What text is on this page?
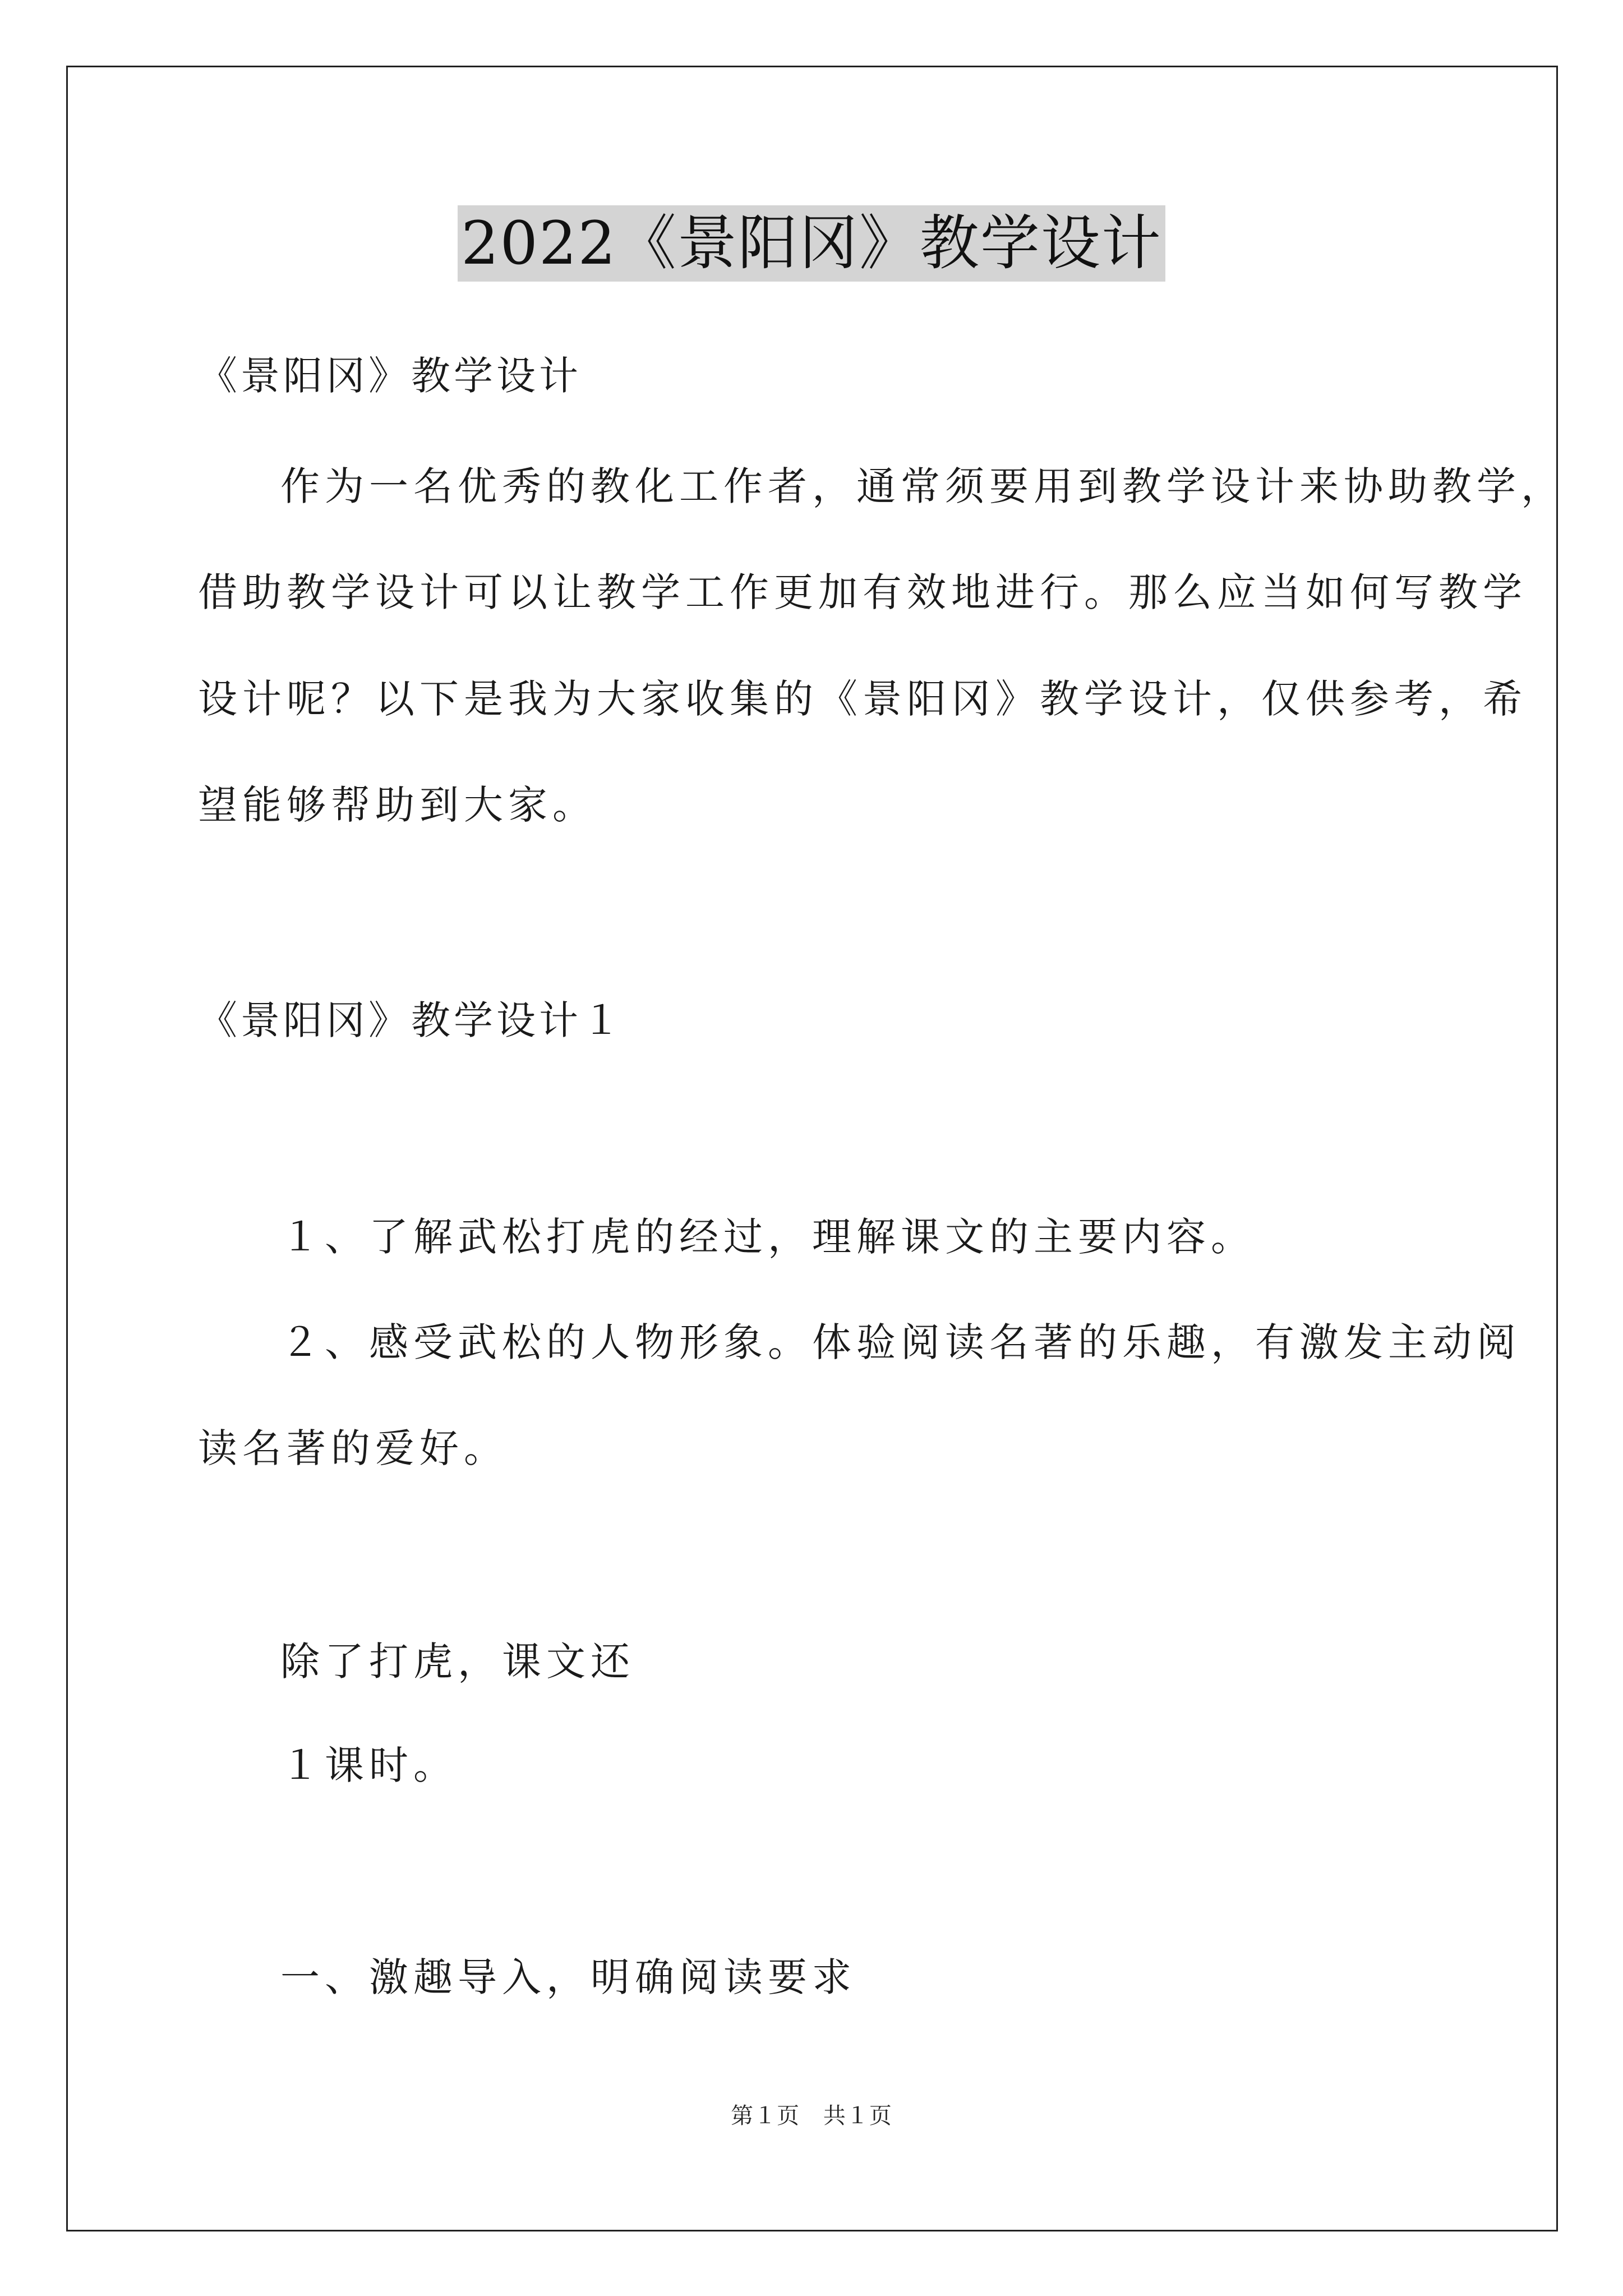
2022《景阳冈》教学设计
《景阳冈》教学设计
作为一名优秀的教化工作者，通常须要用到教学设计来协助教学，
借助教学设计可以让教学工作更加有效地进行。那么应当如何写教学
设计呢？以下是我为大家收集的《景阳冈》教学设计，仅供参考，希
望能够帮助到大家。
《景阳冈》教学设计１
１、了解武松打虎的经过，理解课文的主要内容。
２、感受武松的人物形象。体验阅读名著的乐趣，有激发主动阅
读名著的爱好。
除了打虎，课文还
１课时。
一、激趣导入，明确阅读要求
第１页 共１页
